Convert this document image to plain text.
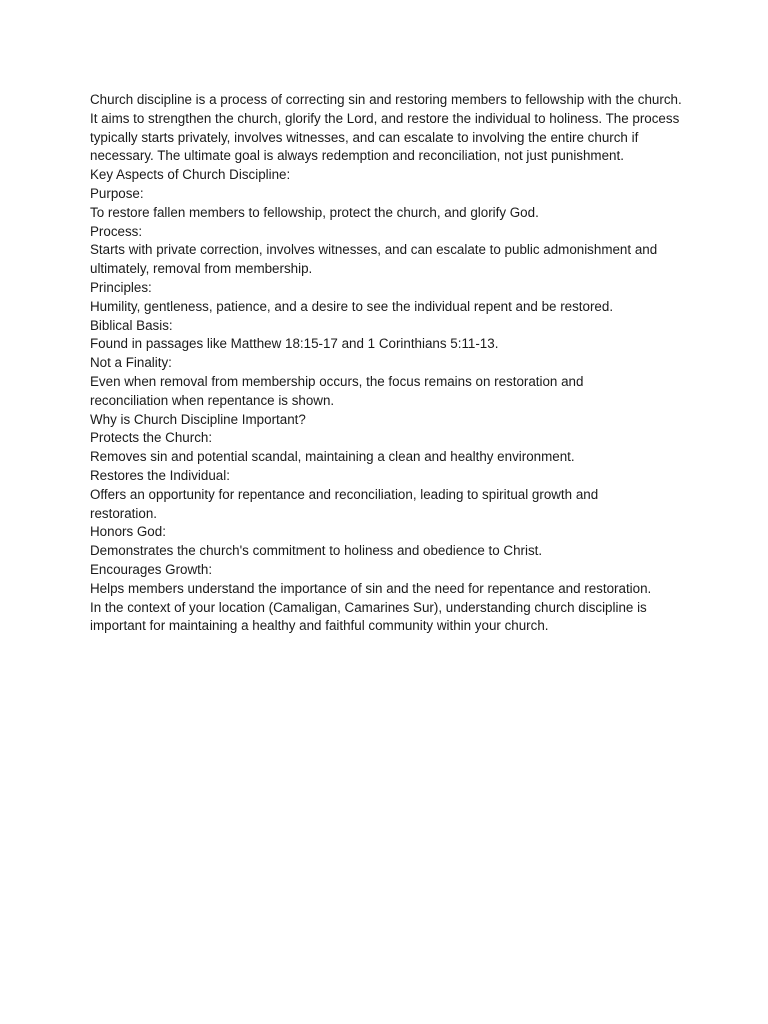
Church discipline is a process of correcting sin and restoring members to fellowship with the church. It aims to strengthen the church, glorify the Lord, and restore the individual to holiness. The process typically starts privately, involves witnesses, and can escalate to involving the entire church if necessary. The ultimate goal is always redemption and reconciliation, not just punishment.

Key Aspects of Church Discipline:

Purpose:

To restore fallen members to fellowship, protect the church, and glorify God.

Process:

Starts with private correction, involves witnesses, and can escalate to public admonishment and ultimately, removal from membership.

Principles:

Humility, gentleness, patience, and a desire to see the individual repent and be restored.

Biblical Basis:

Found in passages like Matthew 18:15-17 and 1 Corinthians 5:11-13.

Not a Finality:

Even when removal from membership occurs, the focus remains on restoration and reconciliation when repentance is shown.

Why is Church Discipline Important?

Protects the Church:

Removes sin and potential scandal, maintaining a clean and healthy environment.

Restores the Individual:

Offers an opportunity for repentance and reconciliation, leading to spiritual growth and restoration.

Honors God:

Demonstrates the church's commitment to holiness and obedience to Christ.

Encourages Growth:

Helps members understand the importance of sin and the need for repentance and restoration.

In the context of your location (Camaligan, Camarines Sur), understanding church discipline is important for maintaining a healthy and faithful community within your church.
